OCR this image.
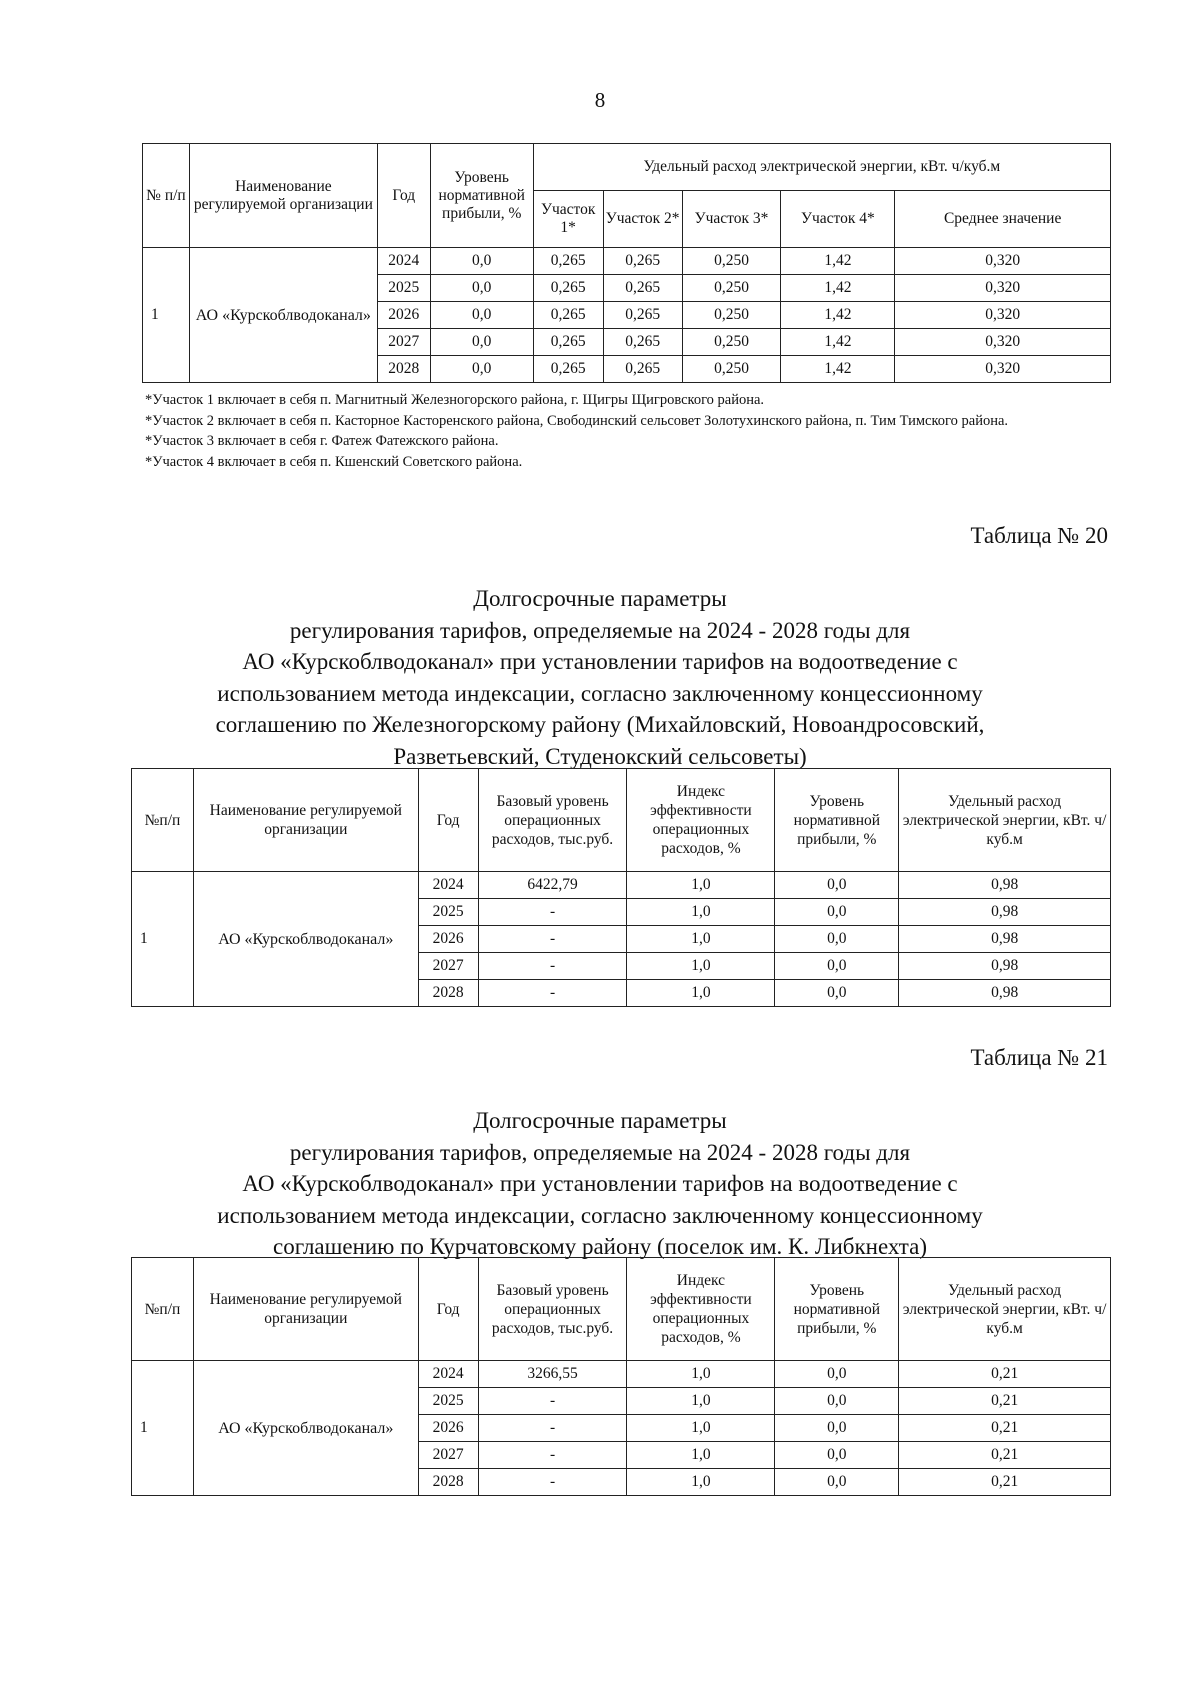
8
№ п/п	Наименование регулируемой организации	Год	Уровень нормативной прибыли, %	Удельный расход электрической энергии, кВт. ч/куб.м				
				Участок 1*	Участок 2*	Участок 3*	Участок 4*	Среднее значение
1	АО «Курскоблводоканал»	2024	0,0	0,265	0,265	0,250	1,42	0,320
		2025	0,0	0,265	0,265	0,250	1,42	0,320
		2026	0,0	0,265	0,265	0,250	1,42	0,320
		2027	0,0	0,265	0,265	0,250	1,42	0,320
		2028	0,0	0,265	0,265	0,250	1,42	0,320
*Участок 1 включает в себя п. Магнитный Железногорского района, г. Щигры Щигровского района.
*Участок 2 включает в себя п. Касторное Касторенского района, Свободинский сельсовет Золотухинского района, п. Тим Тимского района.
*Участок 3 включает в себя г. Фатеж Фатежского района.
*Участок 4 включает в себя п. Кшенский Советского района.
Таблица № 20
Долгосрочные параметры
регулирования тарифов, определяемые на 2024 - 2028 годы для
АО «Курскоблводоканал» при установлении тарифов на водоотведение с
использованием метода индексации, согласно заключенному концессионному
соглашению по Железногорскому району (Михайловский, Новоандросовский,
Разветьевский, Студенокский сельсоветы)
№п/п	Наименование регулируемой организации	Год	Базовый уровень операционных расходов, тыс.руб.	Индекс эффективности операционных расходов, %	Уровень нормативной прибыли, %	Удельный расход электрической энергии, кВт. ч/куб.м
1	АО «Курскоблводоканал»	2024	6422,79	1,0	0,0	0,98
		2025	-	1,0	0,0	0,98
		2026	-	1,0	0,0	0,98
		2027	-	1,0	0,0	0,98
		2028	-	1,0	0,0	0,98
Таблица № 21
Долгосрочные параметры
регулирования тарифов, определяемые на 2024 - 2028 годы для
АО «Курскоблводоканал» при установлении тарифов на водоотведение с
использованием метода индексации, согласно заключенному концессионному
соглашению по Курчатовскому району (поселок им. К. Либкнехта)
№п/п	Наименование регулируемой организации	Год	Базовый уровень операционных расходов, тыс.руб.	Индекс эффективности операционных расходов, %	Уровень нормативной прибыли, %	Удельный расход электрической энергии, кВт. ч/куб.м
1	АО «Курскоблводоканал»	2024	3266,55	1,0	0,0	0,21
		2025	-	1,0	0,0	0,21
		2026	-	1,0	0,0	0,21
		2027	-	1,0	0,0	0,21
		2028	-	1,0	0,0	0,21
